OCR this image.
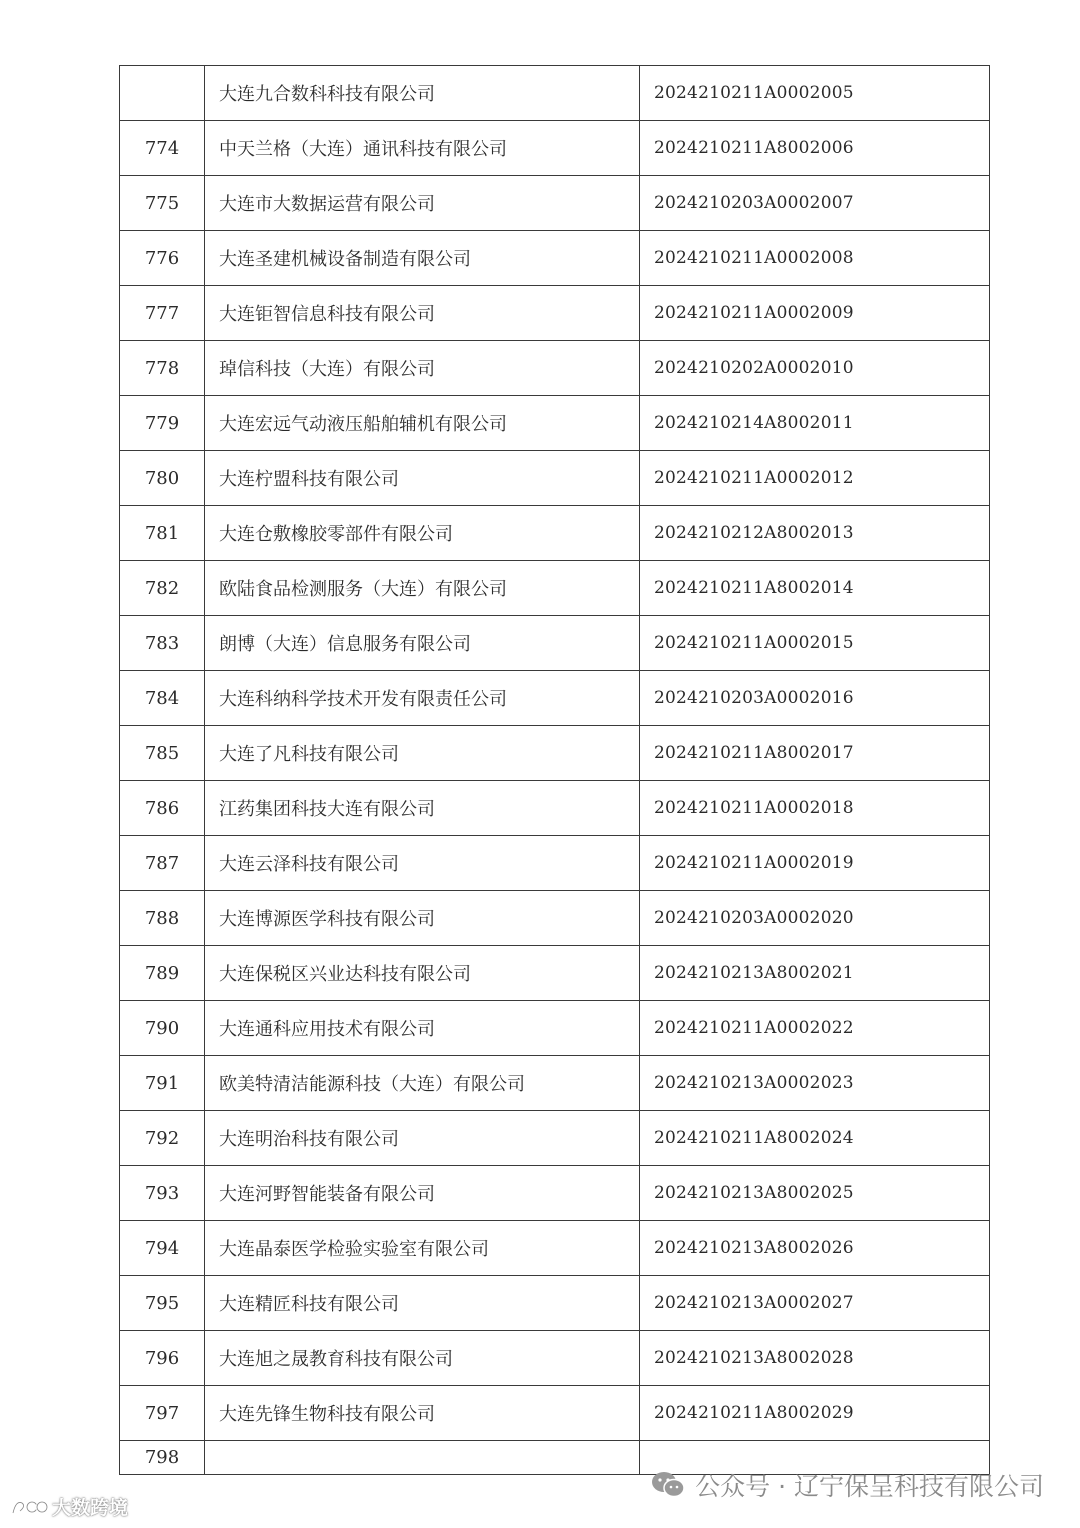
	大连九合数科科技有限公司	2024210211A0002005
774	中天兰格（大连）通讯科技有限公司	2024210211A8002006
775	大连市大数据运营有限公司	2024210203A0002007
776	大连圣建机械设备制造有限公司	2024210211A0002008
777	大连钜智信息科技有限公司	2024210211A0002009
778	琸信科技（大连）有限公司	2024210202A0002010
779	大连宏远气动液压船舶辅机有限公司	2024210214A8002011
780	大连柠盟科技有限公司	2024210211A0002012
781	大连仓敷橡胶零部件有限公司	2024210212A8002013
782	欧陆食品检测服务（大连）有限公司	2024210211A8002014
783	朗博（大连）信息服务有限公司	2024210211A0002015
784	大连科纳科学技术开发有限责任公司	2024210203A0002016
785	大连了凡科技有限公司	2024210211A8002017
786	江药集团科技大连有限公司	2024210211A0002018
787	大连云泽科技有限公司	2024210211A0002019
788	大连博源医学科技有限公司	2024210203A0002020
789	大连保税区兴业达科技有限公司	2024210213A8002021
790	大连通科应用技术有限公司	2024210211A0002022
791	欧美特清洁能源科技（大连）有限公司	2024210213A0002023
792	大连明治科技有限公司	2024210211A8002024
793	大连河野智能装备有限公司	2024210213A8002025
794	大连晶泰医学检验实验室有限公司	2024210213A8002026
795	大连精匠科技有限公司	2024210213A0002027
796	大连旭之晟教育科技有限公司	2024210213A8002028
797	大连先锋生物科技有限公司	2024210211A8002029
798		
公众号 · 辽宁保呈科技有限公司
大数跨境
